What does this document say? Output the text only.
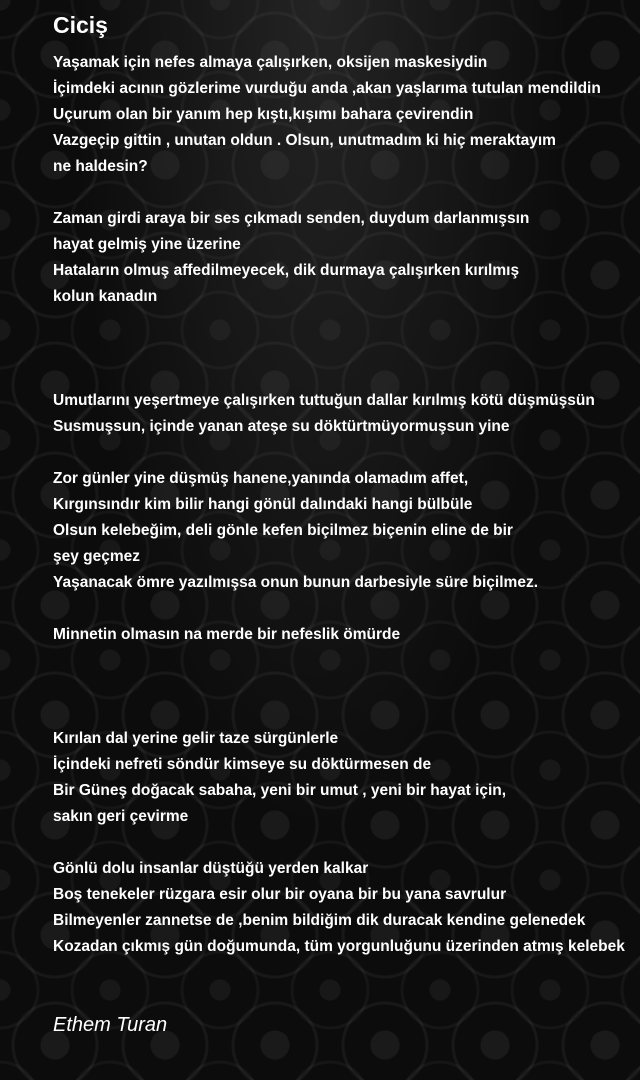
Ciciş
Yaşamak için nefes almaya çalışırken, oksijen maskesiydin
İçimdeki acının gözlerime vurduğu anda ,akan yaşlarıma tutulan mendildin
Uçurum olan bir yanım hep kıştı,kışımı bahara çevirendin
Vazgeçip gittin , unutan oldun . Olsun, unutmadım ki hiç meraktayım
ne haldesin?
Zaman girdi araya bir ses çıkmadı senden, duydum darlanmışsın
hayat gelmiş yine üzerine
Hataların olmuş affedilmeyecek, dik durmaya çalışırken kırılmış
kolun kanadın
Umutlarını yeşertmeye çalışırken tuttuğun dallar kırılmış kötü düşmüşsün
Susmuşsun, içinde yanan ateşe su döktürtmüyormuşsun yine
Zor günler yine düşmüş hanene,yanında olamadım affet,
Kırgınsındır kim bilir hangi gönül dalındaki hangi bülbüle
Olsun kelebeğim, deli gönle kefen biçilmez biçenin eline de bir
şey geçmez
Yaşanacak ömre yazılmışsa onun bunun darbesiyle süre biçilmez.
Minnetin olmasın na merde bir nefeslik ömürde
Kırılan dal yerine gelir taze sürgünlerle
İçindeki nefreti söndür kimseye su döktürmesen de
Bir Güneş doğacak sabaha, yeni bir umut , yeni bir hayat için,
sakın geri çevirme
Gönlü dolu insanlar düştüğü yerden kalkar
Boş tenekeler rüzgara esir olur bir oyana bir bu yana savrulur
Bilmeyenler zannetse de ,benim bildiğim dik duracak kendine gelenedek
Kozadan çıkmış gün doğumunda, tüm yorgunluğunu üzerinden atmış kelebek
Ethem Turan
